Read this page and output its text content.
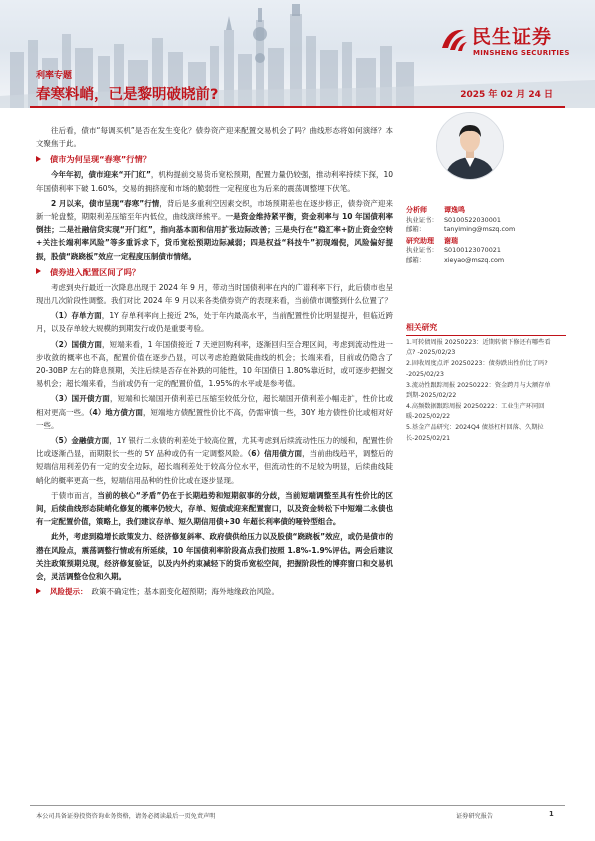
民生证券
MINSHENG SECURITIES
利率专题
春寒料峭，已是黎明破晓前?	2025 年 02 月 24 日

往后看，债市“每调买机”是否在发生变化？债券资产迎来配置交易机会了吗？曲线形态将如何演绎？本文聚焦于此。

债市为何呈现“春寒”行情？

今年年初，债市迎来“开门红”，机构提前交易货币宽松预期，配置力量仍较强，推动利率持续下探，10 年国债利率下破 1.60%，交易的拥挤度和市场的脆弱性一定程度也为后来的震荡调整埋下伏笔。

2 月以来，债市呈现“春寒”行情，背后是多重利空因素交织，市场预期差也在逐步修正，债券资产迎来新一轮盘整，期限利差压缩至年内低位，曲线演绎熊平。一是资金维持紧平衡，资金利率与 10 年国债利率倒挂；二是社融信贷实现“开门红”，指向基本面和信用扩张边际改善；三是央行在“稳汇率+防止资金空转+关注长端利率风险”等多重诉求下，货币宽松预期边际减弱；四是权益“科技牛”初现端倪，风险偏好提振，股债“跷跷板”效应一定程度压制债市情绪。

债券进入配置区间了吗？

考虑到央行最近一次降息出现于 2024 年 9 月，带动当时国债利率在内的广谱利率下行，此后债市也呈现出几次阶段性调整。我们对比 2024 年 9 月以来各类债券资产的表现来看，当前债市调整到什么位置了？

（1）存单方面，1Y 存单利率向上接近 2%，处于年内最高水平，当前配置性价比明显提升，但临近跨月，以及存单较大规模的到期发行或仍是重要考验。

（2）国债方面，短端来看，1 年国债接近 7 天逆回购利率，逐渐回归至合理区间，考虑到流动性进一步收敛的概率也不高，配置价值在逐步凸显，可以考虑抢跑做陡曲线的机会；长端来看，目前或仍隐含了 20-30BP 左右的降息预期，关注后续是否存在补跌的可能性，10 年国债日 1.80%靠近时，或可逐步把握交易机会；超长端来看，当前或仍有一定的配置价值，1.95%的水平或是参考值。

（3）国开债方面，短端和长端国开债利差已压缩至较低分位，超长端国开债利差小幅走扩，性价比或相对更高一些。（4）地方债方面，短端地方债配置性价比不高，仍需审慎一些，30Y 地方债性价比或相对好一些。

（5）金融债方面，1Y 银行二永债的利差处于较高位置，尤其考虑到后续流动性压力的缓和，配置性价比或逐渐凸显，而期限长一些的 5Y 品种或仍有一定调整风险。（6）信用债方面，当前曲线趋平，调整后的短端信用利差仍有一定的安全边际，超长端利差处于较高分位水平，但流动性的不足较为明显，后续曲线陡峭化的概率更高一些，短端信用品种的性价比或在逐步显现。

于债市而言，当前的核心“矛盾”仍在于长期趋势和短期叙事的分歧，当前短端调整至具有性价比的区间，后续曲线形态陡峭化修复的概率仍较大，存单、短债或迎来配置窗口，以及资金转松下中短端二永债也有一定配置价值，策略上，我们建议存单、短久期信用债+30 年超长利率债的哑铃型组合。

此外，考虑到稳增长政策发力、经济修复斜率、政府债供给压力以及股债“跷跷板”效应，或仍是债市的潜在风险点，震荡调整行情或有所延续，10 年国债利率阶段高点我们按照 1.8%-1.9%评估。两会后建议关注政策预期兑现，经济修复验证，以及内外约束减轻下的货币宽松空间，把握阶段性的博弈窗口和交易机会，灵活调整仓位和久期。

风险提示： 政策不确定性；基本面变化超预期；海外地缘政治风险。
分析师 谭逸鸣
执业证书： S0100522030001
邮箱：	tanyiming@mszq.com
研究助理 谢瑞
执业证书： S0100123070021
邮箱：	xieyao@mszq.com
相关研究
1.可转债周报 20250223：近期转债下修还有哪些看点? -2025/02/23
2.固收周度点评 20250223：债券跌出性价比了吗? -2025/02/23
3.流动性跟踪周报 20250222：资金跨月与大额存单到期-2025/02/22
4.高频数据跟踪周报 20250222：工业生产环同回暖-2025/02/22
5.基金产品研究：2024Q4 债基杠杆回落、久期拉长-2025/02/21
本公司具备证券投资咨询业务资格，请务必阅读最后一页免责声明	证券研究报告	1
